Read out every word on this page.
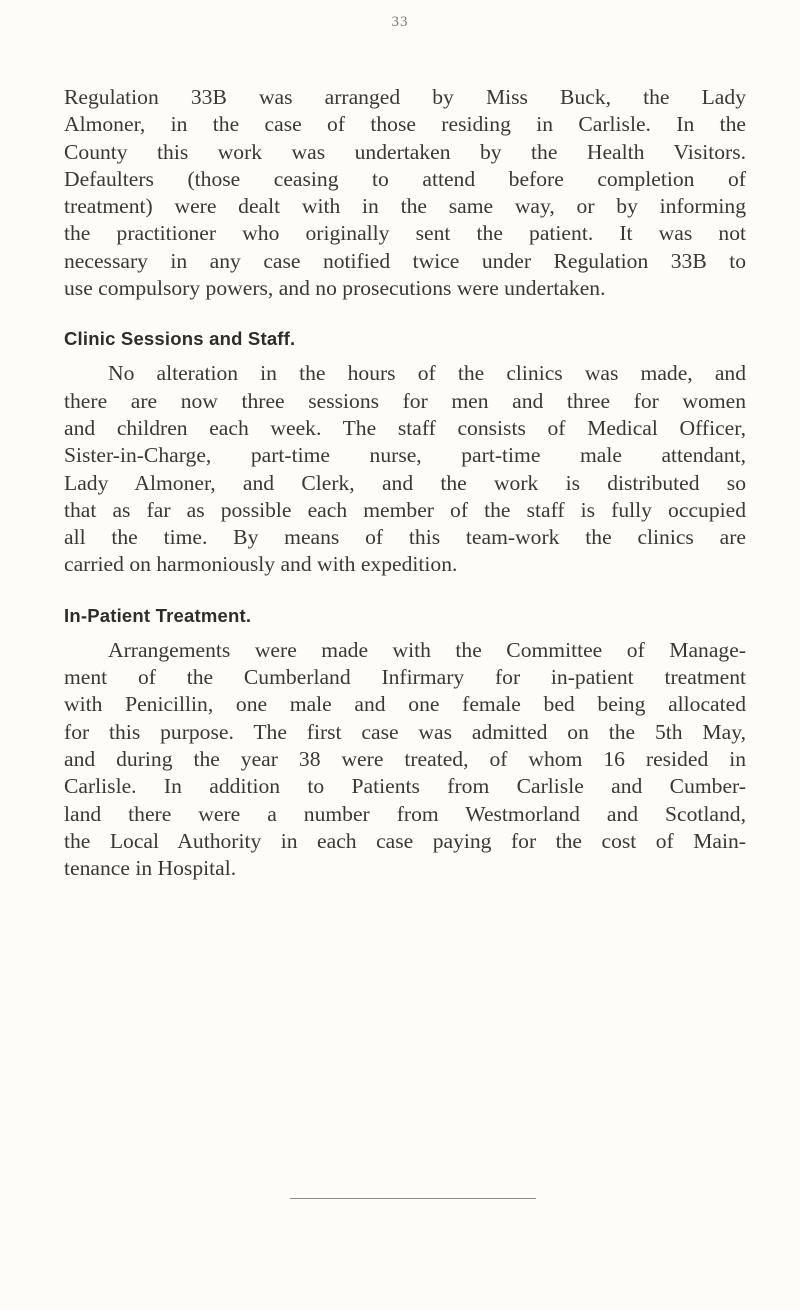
33

Regulation 33B was arranged by Miss Buck, the Lady
Almoner, in the case of those residing in Carlisle. In the
County this work was undertaken by the Health Visitors.
Defaulters (those ceasing to attend before completion of
treatment) were dealt with in the same way, or by informing
the practitioner who originally sent the patient. It was not
necessary in any case notified twice under Regulation 33B to
use compulsory powers, and no prosecutions were undertaken.

Clinic Sessions and Staff.

No alteration in the hours of the clinics was made, and
there are now three sessions for men and three for women
and children each week. The staff consists of Medical Officer,
Sister-in-Charge, part-time nurse, part-time male attendant,
Lady Almoner, and Clerk, and the work is distributed so
that as far as possible each member of the staff is fully occupied
all the time. By means of this team-work the clinics are
carried on harmoniously and with expedition.

In-Patient Treatment.

Arrangements were made with the Committee of Manage-
ment of the Cumberland Infirmary for in-patient treatment
with Penicillin, one male and one female bed being allocated
for this purpose. The first case was admitted on the 5th May,
and during the year 38 were treated, of whom 16 resided in
Carlisle. In addition to Patients from Carlisle and Cumber-
land there were a number from Westmorland and Scotland,
the Local Authority in each case paying for the cost of Main-
tenance in Hospital.
